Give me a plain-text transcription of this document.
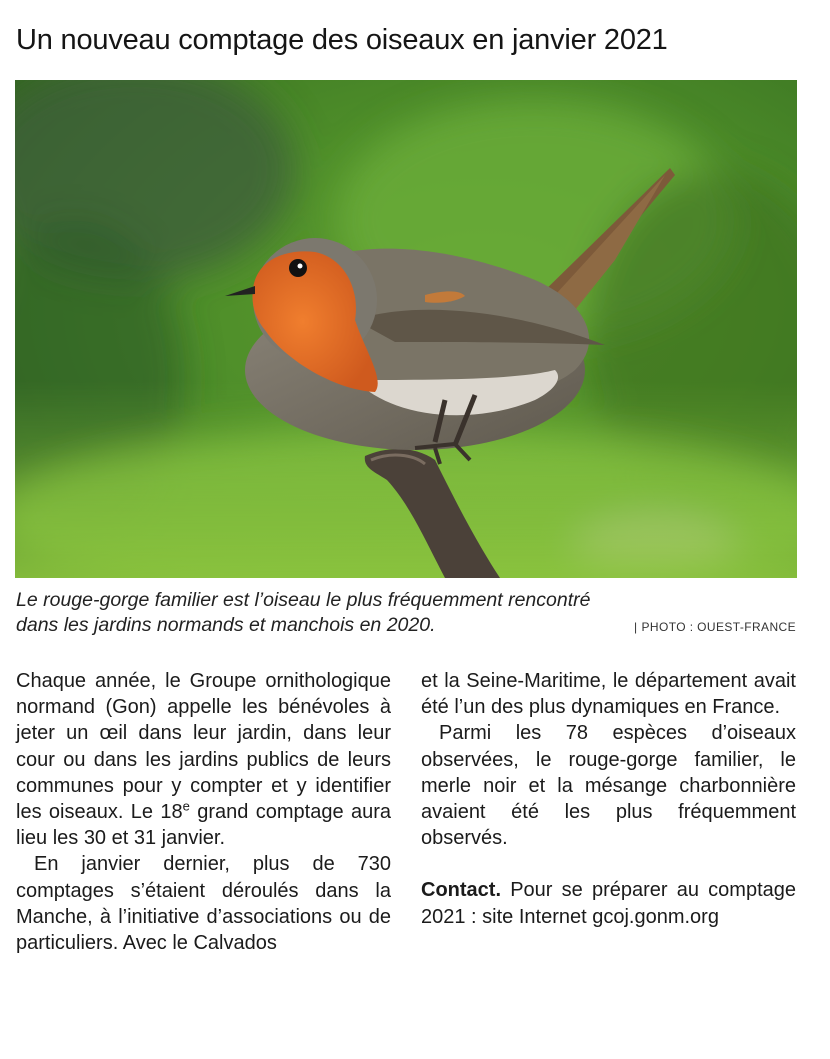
Un nouveau comptage des oiseaux en janvier 2021
Le rouge-gorge familier est l’oiseau le plus fréquemment rencontré
dans les jardins normands et manchois en 2020.	| PHOTO : OUEST-FRANCE

Chaque année, le Groupe ornithologique normand (Gon) appelle les bénévoles à jeter un œil dans leur jardin, dans leur cour ou dans les jardins publics de leurs communes pour y compter et y identifier les oiseaux. Le 18e grand comptage aura lieu les 30 et 31 janvier.

En janvier dernier, plus de 730 comptages s’étaient déroulés dans la Manche, à l’initiative d’associations ou de particuliers. Avec le Calvados

et la Seine-Maritime, le département avait été l’un des plus dynamiques en France.

Parmi les 78 espèces d’oiseaux observées, le rouge-gorge familier, le merle noir et la mésange charbonnière avaient été les plus fréquemment observés.

Contact. Pour se préparer au comptage 2021 : site Internet gcoj.gonm.org
